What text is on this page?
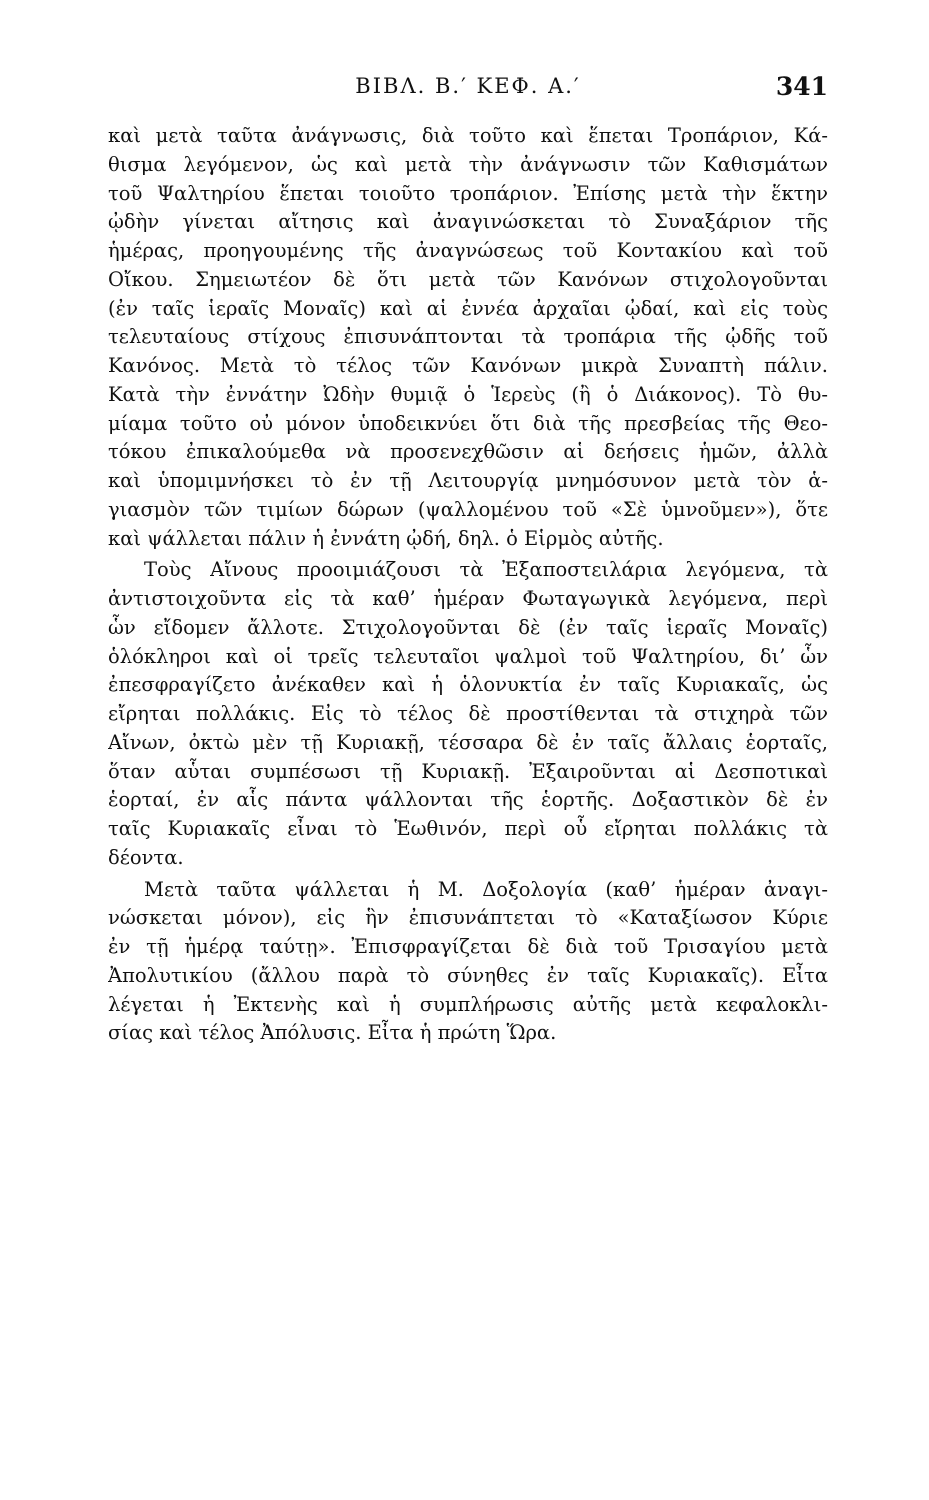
ΒΙΒΛ. Β.′ ΚΕΦ. Α.′	341
καὶ μετὰ ταῦτα ἀνάγνωσις, διὰ τοῦτο καὶ ἕπεται Τροπάριον, Κά-
θισμα λεγόμενον, ὡς καὶ μετὰ τὴν ἀνάγνωσιν τῶν Καθισμάτων
τοῦ Ψαλτηρίου ἕπεται τοιοῦτο τροπάριον. Ἐπίσης μετὰ τὴν ἕκτην
ᾠδὴν γίνεται αἴτησις καὶ ἀναγινώσκεται τὸ Συναξάριον τῆς
ἡμέρας, προηγουμένης τῆς ἀναγνώσεως τοῦ Κοντακίου καὶ τοῦ
Οἴκου. Σημειωτέον δὲ ὅτι μετὰ τῶν Κανόνων στιχολογοῦνται
(ἐν ταῖς ἱεραῖς Μοναῖς) καὶ αἱ ἐννέα ἀρχαῖαι ᾠδαί, καὶ εἰς τοὺς
τελευταίους στίχους ἐπισυνάπτονται τὰ τροπάρια τῆς ᾠδῆς τοῦ
Κανόνος. Μετὰ τὸ τέλος τῶν Κανόνων μικρὰ Συναπτὴ πάλιν.
Κατὰ τὴν ἐννάτην Ὠδὴν θυμιᾷ ὁ Ἱερεὺς (ἢ ὁ Διάκονος). Τὸ θυ-
μίαμα τοῦτο οὐ μόνον ὑποδεικνύει ὅτι διὰ τῆς πρεσβείας τῆς Θεο-
τόκου ἐπικαλούμεθα νὰ προσενεχθῶσιν αἱ δεήσεις ἡμῶν, ἀλλὰ
καὶ ὑπομιμνήσκει τὸ ἐν τῇ Λειτουργίᾳ μνημόσυνον μετὰ τὸν ἁ-
γιασμὸν τῶν τιμίων δώρων (ψαλλομένου τοῦ «Σὲ ὑμνοῦμεν»), ὅτε
καὶ ψάλλεται πάλιν ἡ ἐννάτη ᾠδή, δηλ. ὁ Εἱρμὸς αὐτῆς.
Τοὺς Αἴνους προοιμιάζουσι τὰ Ἐξαποστειλάρια λεγόμενα, τὰ
ἀντιστοιχοῦντα εἰς τὰ καθ’ ἡμέραν Φωταγωγικὰ λεγόμενα, περὶ
ὧν εἴδομεν ἄλλοτε. Στιχολογοῦνται δὲ (ἐν ταῖς ἱεραῖς Μοναῖς)
ὁλόκληροι καὶ οἱ τρεῖς τελευταῖοι ψαλμοὶ τοῦ Ψαλτηρίου, δι’ ὧν
ἐπεσφραγίζετο ἀνέκαθεν καὶ ἡ ὁλονυκτία ἐν ταῖς Κυριακαῖς, ὡς
εἴρηται πολλάκις. Εἰς τὸ τέλος δὲ προστίθενται τὰ στιχηρὰ τῶν
Αἴνων, ὀκτὼ μὲν τῇ Κυριακῇ, τέσσαρα δὲ ἐν ταῖς ἄλλαις ἑορταῖς,
ὅταν αὗται συμπέσωσι τῇ Κυριακῇ. Ἐξαιροῦνται αἱ Δεσποτικαὶ
ἑορταί, ἐν αἷς πάντα ψάλλονται τῆς ἑορτῆς. Δοξαστικὸν δὲ ἐν
ταῖς Κυριακαῖς εἶναι τὸ Ἑωθινόν, περὶ οὗ εἴρηται πολλάκις τὰ
δέοντα.
Μετὰ ταῦτα ψάλλεται ἡ Μ. Δοξολογία (καθ’ ἡμέραν ἀναγι-
νώσκεται μόνον), εἰς ἣν ἐπισυνάπτεται τὸ «Καταξίωσον Κύριε
ἐν τῇ ἡμέρᾳ ταύτῃ». Ἐπισφραγίζεται δὲ διὰ τοῦ Τρισαγίου μετὰ
Ἀπολυτικίου (ἄλλου παρὰ τὸ σύνηθες ἐν ταῖς Κυριακαῖς). Εἶτα
λέγεται ἡ Ἐκτενὴς καὶ ἡ συμπλήρωσις αὐτῆς μετὰ κεφαλοκλι-
σίας καὶ τέλος Ἀπόλυσις. Εἶτα ἡ πρώτη Ὥρα.
